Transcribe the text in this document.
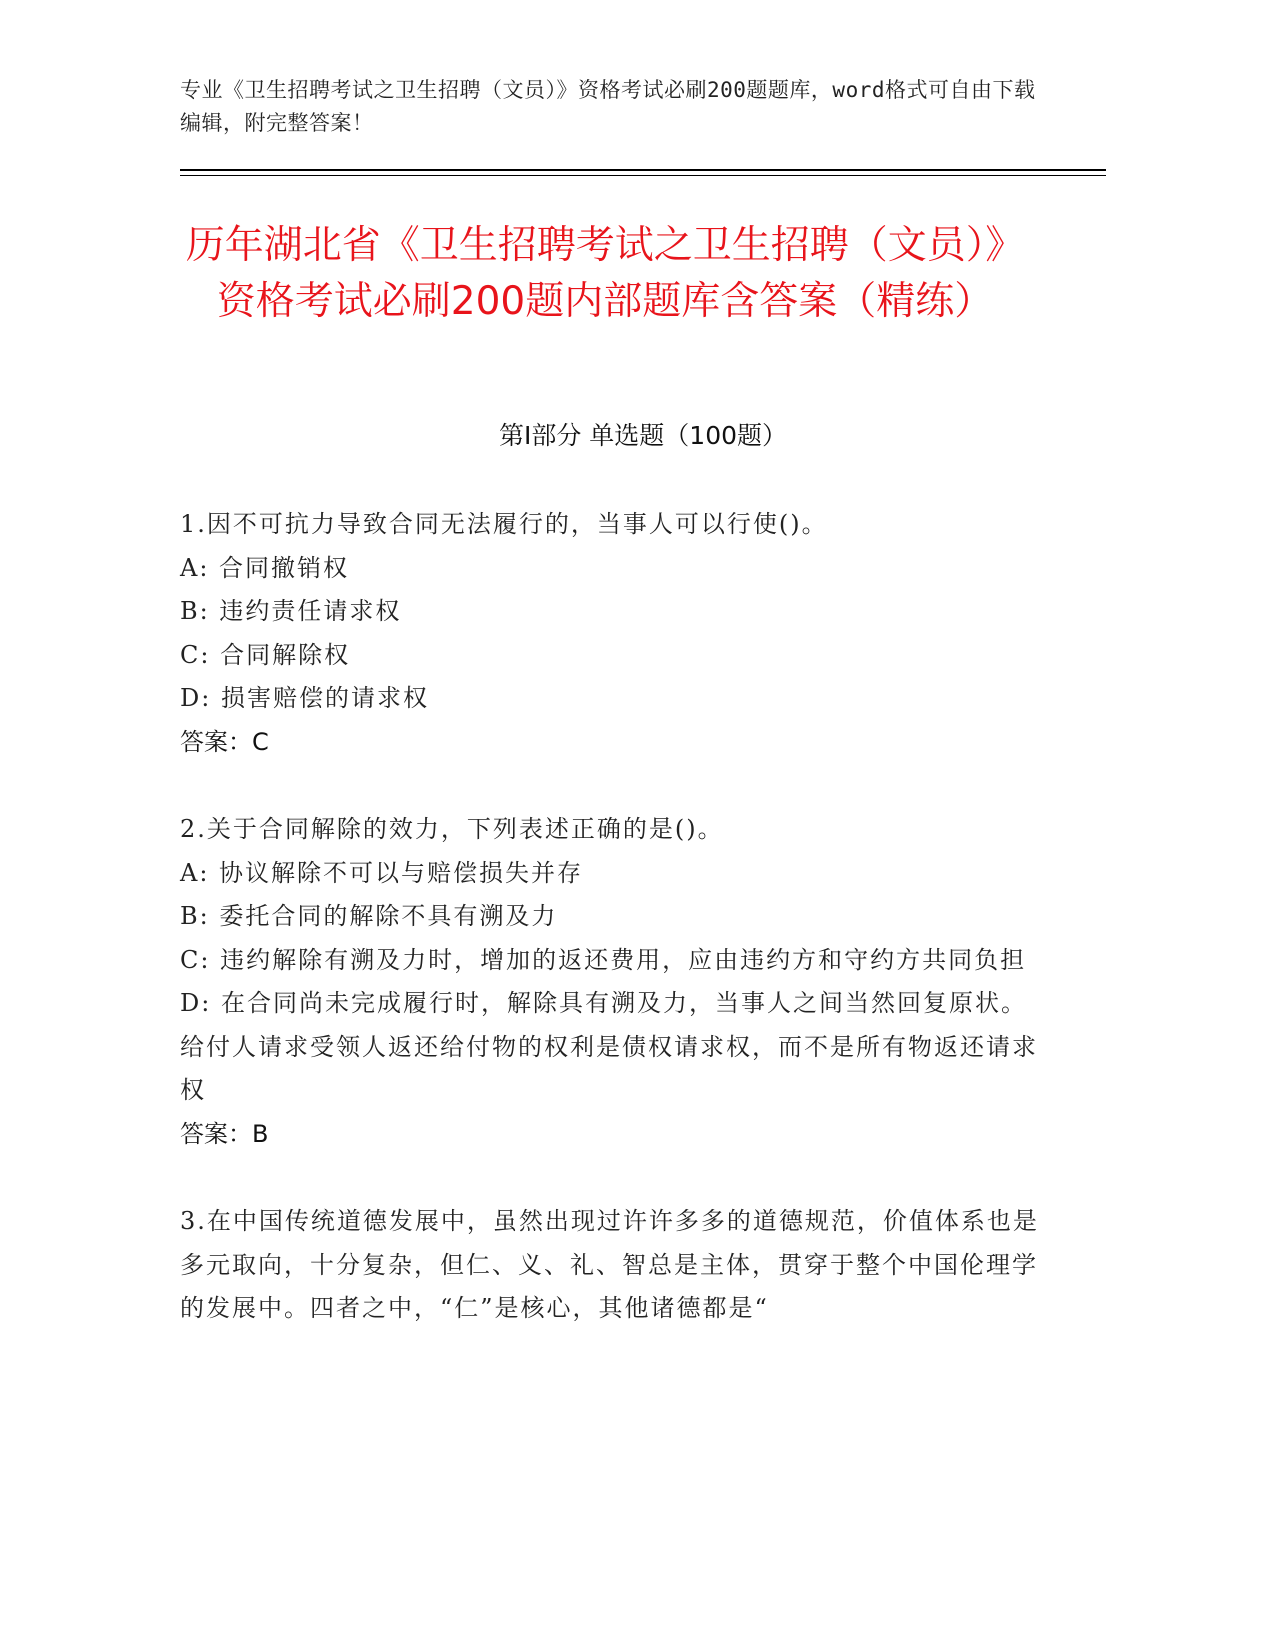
专业《卫生招聘考试之卫生招聘（文员）》资格考试必刷200题题库，word格式可自由下载编辑，附完整答案！
历年湖北省《卫生招聘考试之卫生招聘（文员）》资格考试必刷200题内部题库含答案（精练）
第Ⅰ部分 单选题（100题）

1.因不可抗力导致合同无法履行的，当事人可以行使()。

A: 合同撤销权

B: 违约责任请求权

C: 合同解除权

D: 损害赔偿的请求权

答案：C

2.关于合同解除的效力，下列表述正确的是()。

A: 协议解除不可以与赔偿损失并存

B: 委托合同的解除不具有溯及力

C: 违约解除有溯及力时，增加的返还费用，应由违约方和守约方共同负担

D: 在合同尚未完成履行时，解除具有溯及力，当事人之间当然回复原状。给付人请求受领人返还给付物的权利是债权请求权，而不是所有物返还请求权

答案：B

3.在中国传统道德发展中，虽然出现过许许多多的道德规范，价值体系也是多元取向，十分复杂，但仁、义、礼、智总是主体，贯穿于整个中国伦理学的发展中。四者之中，“仁”是核心，其他诸德都是“
